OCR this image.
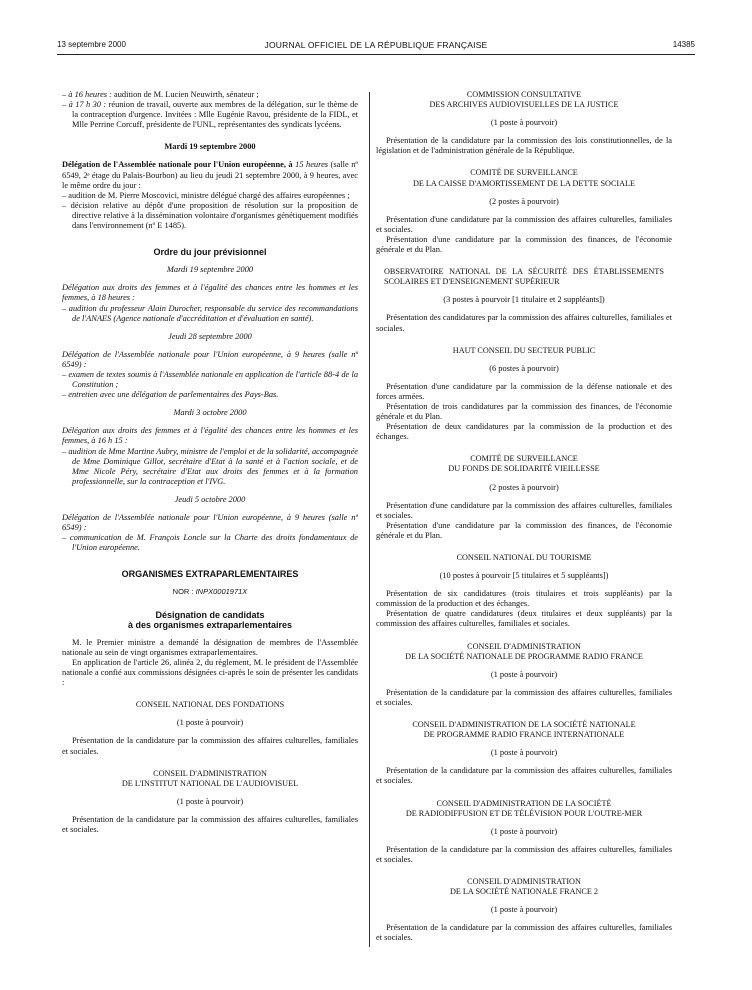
13 septembre 2000	JOURNAL OFFICIEL DE LA RÉPUBLIQUE FRANÇAISE	14385

– à 16 heures : audition de M. Lucien Neuwirth, sénateur ;

– à 17 h 30 : réunion de travail, ouverte aux membres de la délégation, sur le thème de la contraception d'urgence. Invitées : Mlle Eugénie Ravou, présidente de la FIDL, et Mlle Perrine Corcuff, présidente de l'UNL, représentantes des syndicats lycéens.

Mardi 19 septembre 2000

Délégation de l'Assemblée nationale pour l'Union européenne, à 15 heures (salle nº 6549, 2ᵉ étage du Palais-Bourbon) au lieu du jeudi 21 septembre 2000, à 9 heures, avec le même ordre du jour :

– audition de M. Pierre Moscovici, ministre délégué chargé des affaires européennes ;

– décision relative au dépôt d'une proposition de résolution sur la proposition de directive relative à la dissémination volontaire d'organismes génétiquement modifiés dans l'environnement (nº E 1485).

Ordre du jour prévisionnel

Mardi 19 septembre 2000

Délégation aux droits des femmes et à l'égalité des chances entre les hommes et les femmes, à 18 heures :

– audition du professeur Alain Durocher, responsable du service des recommandations de l'ANAES (Agence nationale d'accréditation et d'évaluation en santé).

Jeudi 28 septembre 2000

Délégation de l'Assemblée nationale pour l'Union européenne, à 9 heures (salle nº 6549) :

– examen de textes soumis à l'Assemblée nationale en application de l'article 88-4 de la Constitution ;

– entretien avec une délégation de parlementaires des Pays-Bas.

Mardi 3 octobre 2000

Délégation aux droits des femmes et à l'égalité des chances entre les hommes et les femmes, à 16 h 15 :

– audition de Mme Martine Aubry, ministre de l'emploi et de la solidarité, accompagnée de Mme Dominique Gillot, secrétaire d'Etat à la santé et à l'action sociale, et de Mme Nicole Péry, secrétaire d'Etat aux droits des femmes et à la formation professionnelle, sur la contraception et l'IVG.

Jeudi 5 octobre 2000

Délégation de l'Assemblée nationale pour l'Union européenne, à 9 heures (salle nº 6549) :

– communication de M. François Loncle sur la Charte des droits fondamentaux de l'Union européenne.

ORGANISMES EXTRAPARLEMENTAIRES

NOR : INPX0001971X

Désignation de candidats

à des organismes extraparlementaires

M. le Premier ministre a demandé la désignation de membres de l'Assemblée nationale au sein de vingt organismes extraparlementaires.

En application de l'article 26, alinéa 2, du règlement, M. le président de l'Assemblée nationale a confié aux commissions désignées ci-après le soin de présenter les candidats :

CONSEIL NATIONAL DES FONDATIONS

(1 poste à pourvoir)

Présentation de la candidature par la commission des affaires culturelles, familiales et sociales.

CONSEIL D'ADMINISTRATION

DE L'INSTITUT NATIONAL DE L'AUDIOVISUEL

(1 poste à pourvoir)

Présentation de la candidature par la commission des affaires culturelles, familiales et sociales.

COMMISSION CONSULTATIVE

DES ARCHIVES AUDIOVISUELLES DE LA JUSTICE

(1 poste à pourvoir)

Présentation de la candidature par la commission des lois constitutionnelles, de la législation et de l'administration générale de la République.

COMITÉ DE SURVEILLANCE

DE LA CAISSE D'AMORTISSEMENT DE LA DETTE SOCIALE

(2 postes à pourvoir)

Présentation d'une candidature par la commission des affaires culturelles, familiales et sociales.

Présentation d'une candidature par la commission des finances, de l'économie générale et du Plan.

OBSERVATOIRE NATIONAL DE LA SÉCURITÉ DES ÉTABLISSEMENTS SCOLAIRES ET D'ENSEIGNEMENT SUPÉRIEUR

(3 postes à pourvoir [1 titulaire et 2 suppléants])

Présentation des candidatures par la commission des affaires culturelles, familiales et sociales.

HAUT CONSEIL DU SECTEUR PUBLIC

(6 postes à pourvoir)

Présentation d'une candidature par la commission de la défense nationale et des forces armées.

Présentation de trois candidatures par la commission des finances, de l'économie générale et du Plan.

Présentation de deux candidatures par la commission de la production et des échanges.

COMITÉ DE SURVEILLANCE

DU FONDS DE SOLIDARITÉ VIEILLESSE

(2 postes à pourvoir)

Présentation d'une candidature par la commission des affaires culturelles, familiales et sociales.

Présentation d'une candidature par la commission des finances, de l'économie générale et du Plan.

CONSEIL NATIONAL DU TOURISME

(10 postes à pourvoir [5 titulaires et 5 suppléants])

Présentation de six candidatures (trois titulaires et trois suppléants) par la commission de la production et des échanges.

Présentation de quatre candidatures (deux titulaires et deux suppléants) par la commission des affaires culturelles, familiales et sociales.

CONSEIL D'ADMINISTRATION

DE LA SOCIÉTÉ NATIONALE DE PROGRAMME RADIO FRANCE

(1 poste à pourvoir)

Présentation de la candidature par la commission des affaires culturelles, familiales et sociales.

CONSEIL D'ADMINISTRATION DE LA SOCIÉTÉ NATIONALE

DE PROGRAMME RADIO FRANCE INTERNATIONALE

(1 poste à pourvoir)

Présentation de la candidature par la commission des affaires culturelles, familiales et sociales.

CONSEIL D'ADMINISTRATION DE LA SOCIÉTÉ

DE RADIODIFFUSION ET DE TÉLÉVISION POUR L'OUTRE-MER

(1 poste à pourvoir)

Présentation de la candidature par la commission des affaires culturelles, familiales et sociales.

CONSEIL D'ADMINISTRATION

DE LA SOCIÉTÉ NATIONALE FRANCE 2

(1 poste à pourvoir)

Présentation de la candidature par la commission des affaires culturelles, familiales et sociales.
